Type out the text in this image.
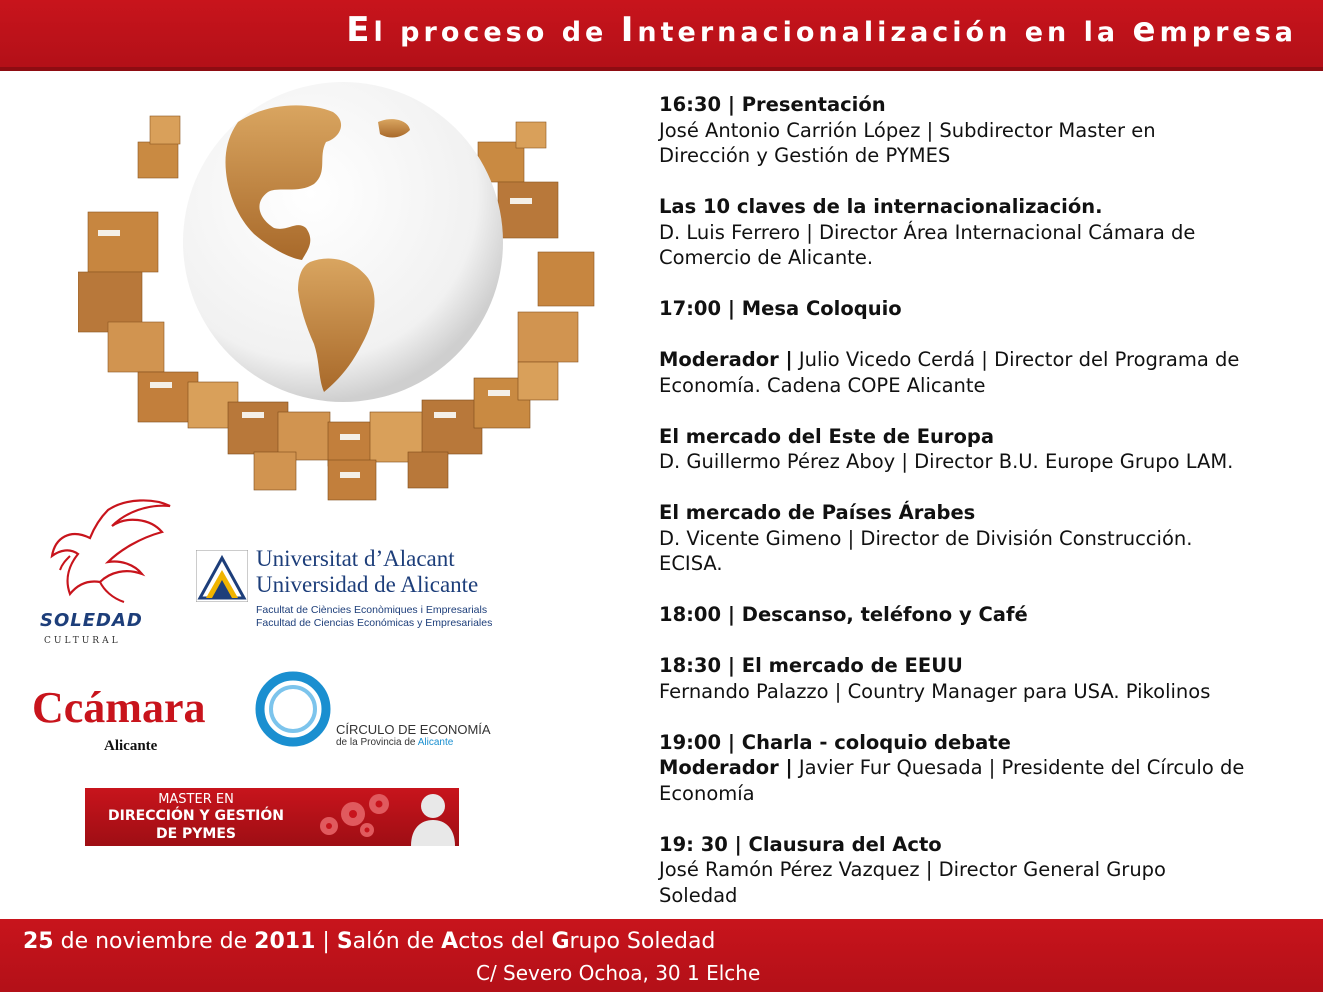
El proceso de Internacionalización en la empresa
16:30 | Presentación
José Antonio Carrión López | Subdirector Master en
Dirección y Gestión de PYMES
Las 10 claves de la internacionalización.
D. Luis Ferrero | Director Área Internacional Cámara de
Comercio de Alicante.
17:00 | Mesa Coloquio
Moderador | Julio Vicedo Cerdá | Director del Programa de
Economía. Cadena COPE Alicante
El mercado del Este de Europa
D. Guillermo Pérez Aboy | Director B.U. Europe Grupo LAM.
El mercado de Países Árabes
D. Vicente Gimeno | Director de División Construcción.
ECISA.
18:00 | Descanso, teléfono y Café
18:30 | El mercado de EEUU
Fernando Palazzo | Country Manager para USA. Pikolinos
19:00 | Charla - coloquio debate
Moderador | Javier Fur Quesada | Presidente del Círculo de
Economía
19: 30 | Clausura del Acto
José Ramón Pérez Vazquez | Director General Grupo
Soledad
SOLEDAD
CULTURAL
Universitat d’Alacant
Universidad de Alicante
Facultat de Ciències Econòmiques i Empresarials
Facultad de Ciencias Económicas y Empresariales
Ccámara
Alicante
CÍRCULO DE ECONOMÍA
de la Provincia de Alicante
MASTER EN
DIRECCIÓN Y GESTIÓN
DE PYMES
25 de noviembre de 2011 | Salón de Actos del Grupo Soledad
C/ Severo Ochoa, 30 1 Elche
